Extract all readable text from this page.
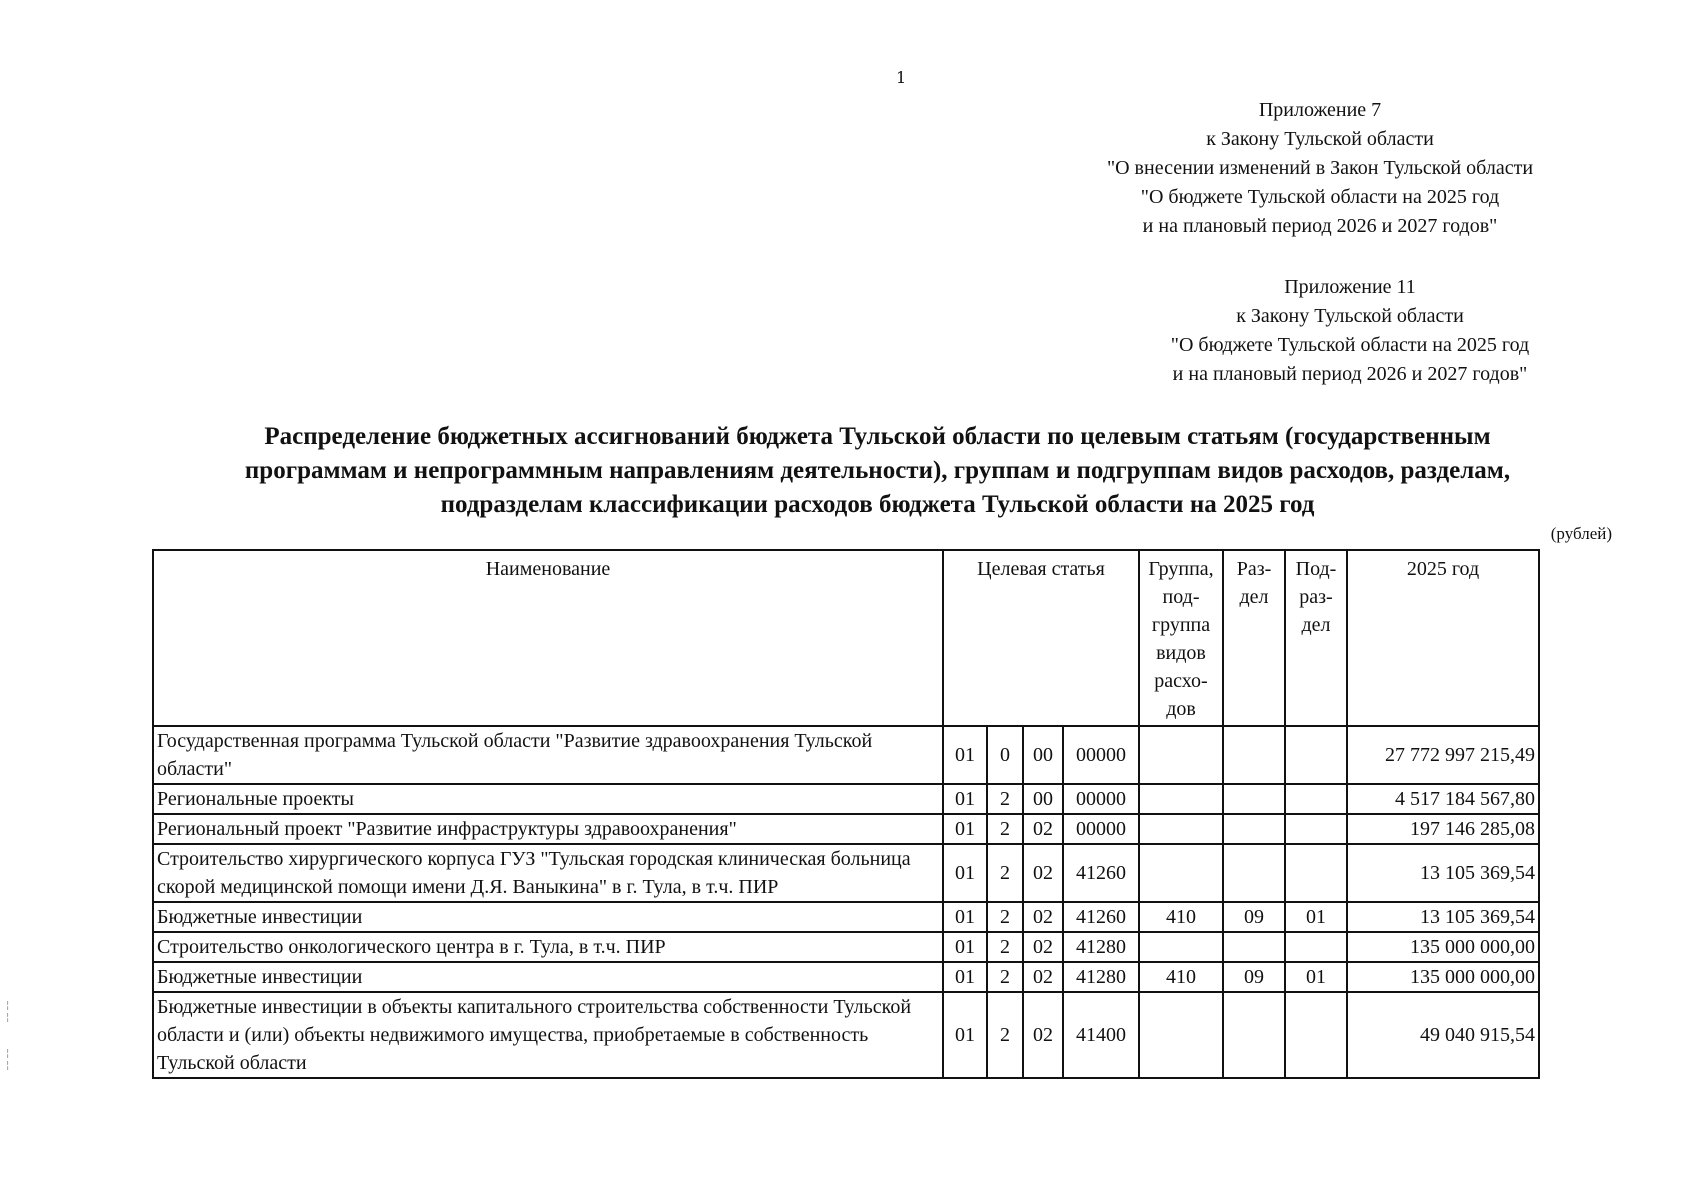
1
Приложение 7
к Закону Тульской области
"О внесении изменений в Закон Тульской области
"О бюджете Тульской области на 2025 год
и на плановый период 2026 и 2027 годов"
Приложение 11
к Закону Тульской области
"О бюджете Тульской области на 2025 год
и на плановый период 2026 и 2027 годов"
Распределение бюджетных ассигнований бюджета Тульской области по целевым статьям (государственным
программам и непрограммным направлениям деятельности), группам и подгруппам видов расходов, разделам,
подразделам классификации расходов бюджета Тульской области на 2025 год
(рублей)
Наименование	Целевая статья				Группа, под- группа видов расхо- дов	Раз- дел	Под- раз- дел	2025 год
Государственная программа Тульской области "Развитие здравоохранения Тульской области"	01	0	00	00000				27 772 997 215,49
Региональные проекты	01	2	00	00000				4 517 184 567,80
Региональный проект "Развитие инфраструктуры здравоохранения"	01	2	02	00000				197 146 285,08
Строительство хирургического корпуса ГУЗ "Тульская городская клиническая больница скорой медицинской помощи имени Д.Я. Ваныкина" в г. Тула, в т.ч. ПИР	01	2	02	41260				13 105 369,54
Бюджетные инвестиции	01	2	02	41260	410	09	01	13 105 369,54
Строительство онкологического центра в г. Тула, в т.ч. ПИР	01	2	02	41280				135 000 000,00
Бюджетные инвестиции	01	2	02	41280	410	09	01	135 000 000,00
Бюджетные инвестиции в объекты капитального строительства собственности Тульской области и (или) объекты недвижимого имущества, приобретаемые в собственность Тульской области	01	2	02	41400				49 040 915,54
¦
¦

¦
¦
